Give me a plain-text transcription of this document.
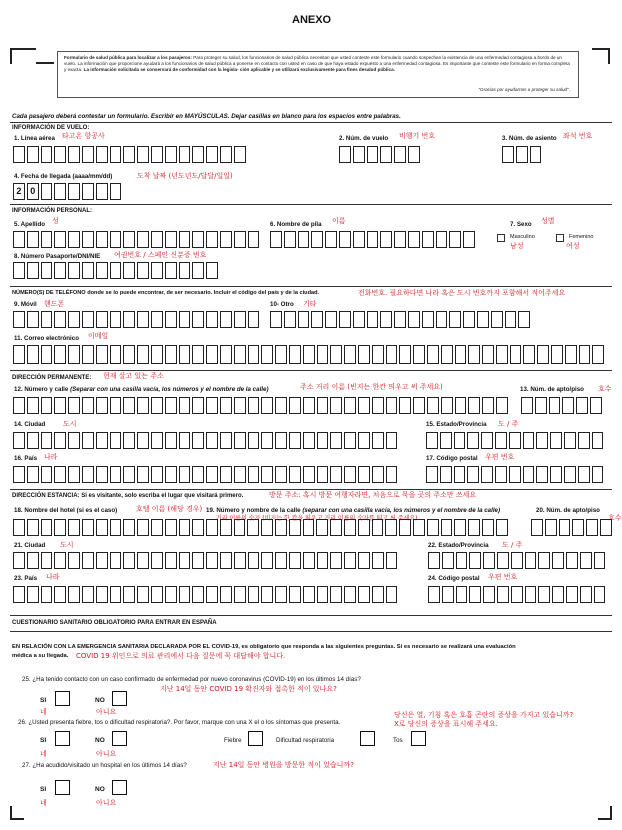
ANEXO
Formulario de salud pública para localizar a los pasajeros: Para proteger su salud, los funcionarios de salud pública necesitan que usted conteste este formulario cuando sospechan la existencia de una enfermedad contagiosa a bordo de un vuelo. La información que proporcione ayudará a los funcionarios de salud pública a ponerse en contacto con usted en caso de que haya estado expuesto a una enfermedad contagiosa. Es importante que conteste este formulario en forma completa y exacta. La información solicitada se conservará de conformidad con la legisla- ción aplicable y se utilizará exclusivamente para fines desalud pública.
"Gracias por ayudarnos a proteger su salud".
Cada pasajero deberá contestar un formulario. Escribir en MAYÚSCULAS. Dejar casillas en blanco para los espacios entre palabras.
INFORMACIÓN DE VUELO:
1. Línea aérea 타고온 항공사	2. Núm. de vuelo 비행기 번호	3. Núm. de asiento 좌석 번호
4. Fecha de llegada (aaaa/mm/dd)	도착 날짜 (년도년도/달달/일일)
2 0
INFORMACIÓN PERSONAL:
5. Apellido 성	6. Nombre de pila 이름	7. Sexo 성별
Masculino	Femenino
남성	여성
8. Número Pasaporte/DNI/NIE 여권번호 / 스페인 신분증 번호
NÚMERO(S) DE TELÉFONO donde se lo puede encontrar, de ser necesario. Incluir el código del país y de la ciudad.	전화번호. 필요하다면 나라 혹은 도시 번호까지 포함해서 적어주세요
9. Móvil 핸드폰	10- Otro 기타
11. Correo electrónico 이메일
DIRECCIÓN PERMANENTE: 현재 살고 있는 주소
12. Número y calle (Separar con una casilla vacía, los números y el nombre de la calle)	주소 거리 이름 (빈지는 한칸 띄우고 써 주세요)	13. Núm. de apto/piso 호수
14. Ciudad	도시	15. Estado/Provincia 도 / 주
16. País 나라	17. Código postal 우편 번호
DIRECCIÓN ESTANCIA: Si es visitante, solo escriba el lugar que visitará primero.	방문 주소: 혹시 방문 여행자라면, 처음으로 묵을 곳의 주소만 쓰세요
18. Nombre del hotel (si es el caso)	호텔 이름 (해당 경우) 19. Número y nombre de la calle (separar con una casilla vacía, los números y el nombre de la calle)
거리 이름의 숫자 (비지는 한 칸을 띄우고 거리 이름의 숫자를 띄고 써 주세요)
20. Núm. de apto/piso
호수
21. Ciudad 도시	22. Estado/Provincia 도 / 주
23. País 나라	24. Código postal 우편 번호
CUESTIONARIO SANITARIO OBLIGATORIO PARA ENTRAR EN ESPAÑA
EN RELACIÓN CON LA EMERGENCIA SANITARIA DECLARADA POR EL COVID-19, es obligatorio que responda a las siguientes preguntas. Si es necesario se realizará una evaluación
médica a su llegada. COVID 19 위인으로 의료 관리에서 다음 질문에 꼭 대답해야 합니다.
25. ¿Ha tenido contacto con un caso confirmado de enfermedad por nuevo coronavirus (COVID-19) en los últimos 14 días?
지난 14일 동안 COVID 19 확진자와 접촉한 적이 있나요?
SI	NO
네	아니요
26. ¿Usted presenta fiebre, tos o dificultad respiratoria?. Por favor, marque con una X el o los síntomas que presenta.
당신은 열, 기침 혹은 호흡 곤란의 증상을 가지고 있습니까?
X로 당신의 증상을 표시해 주세요.
SI	NO
네	아니요
Fiebre	Dificultad respiratoria	Tos
27. ¿Ha acudido/visitado un hospital en los últimos 14 días?	지난 14일 동안 병원을 방문한 적이 있습니까?
SI	NO
네	아니요
